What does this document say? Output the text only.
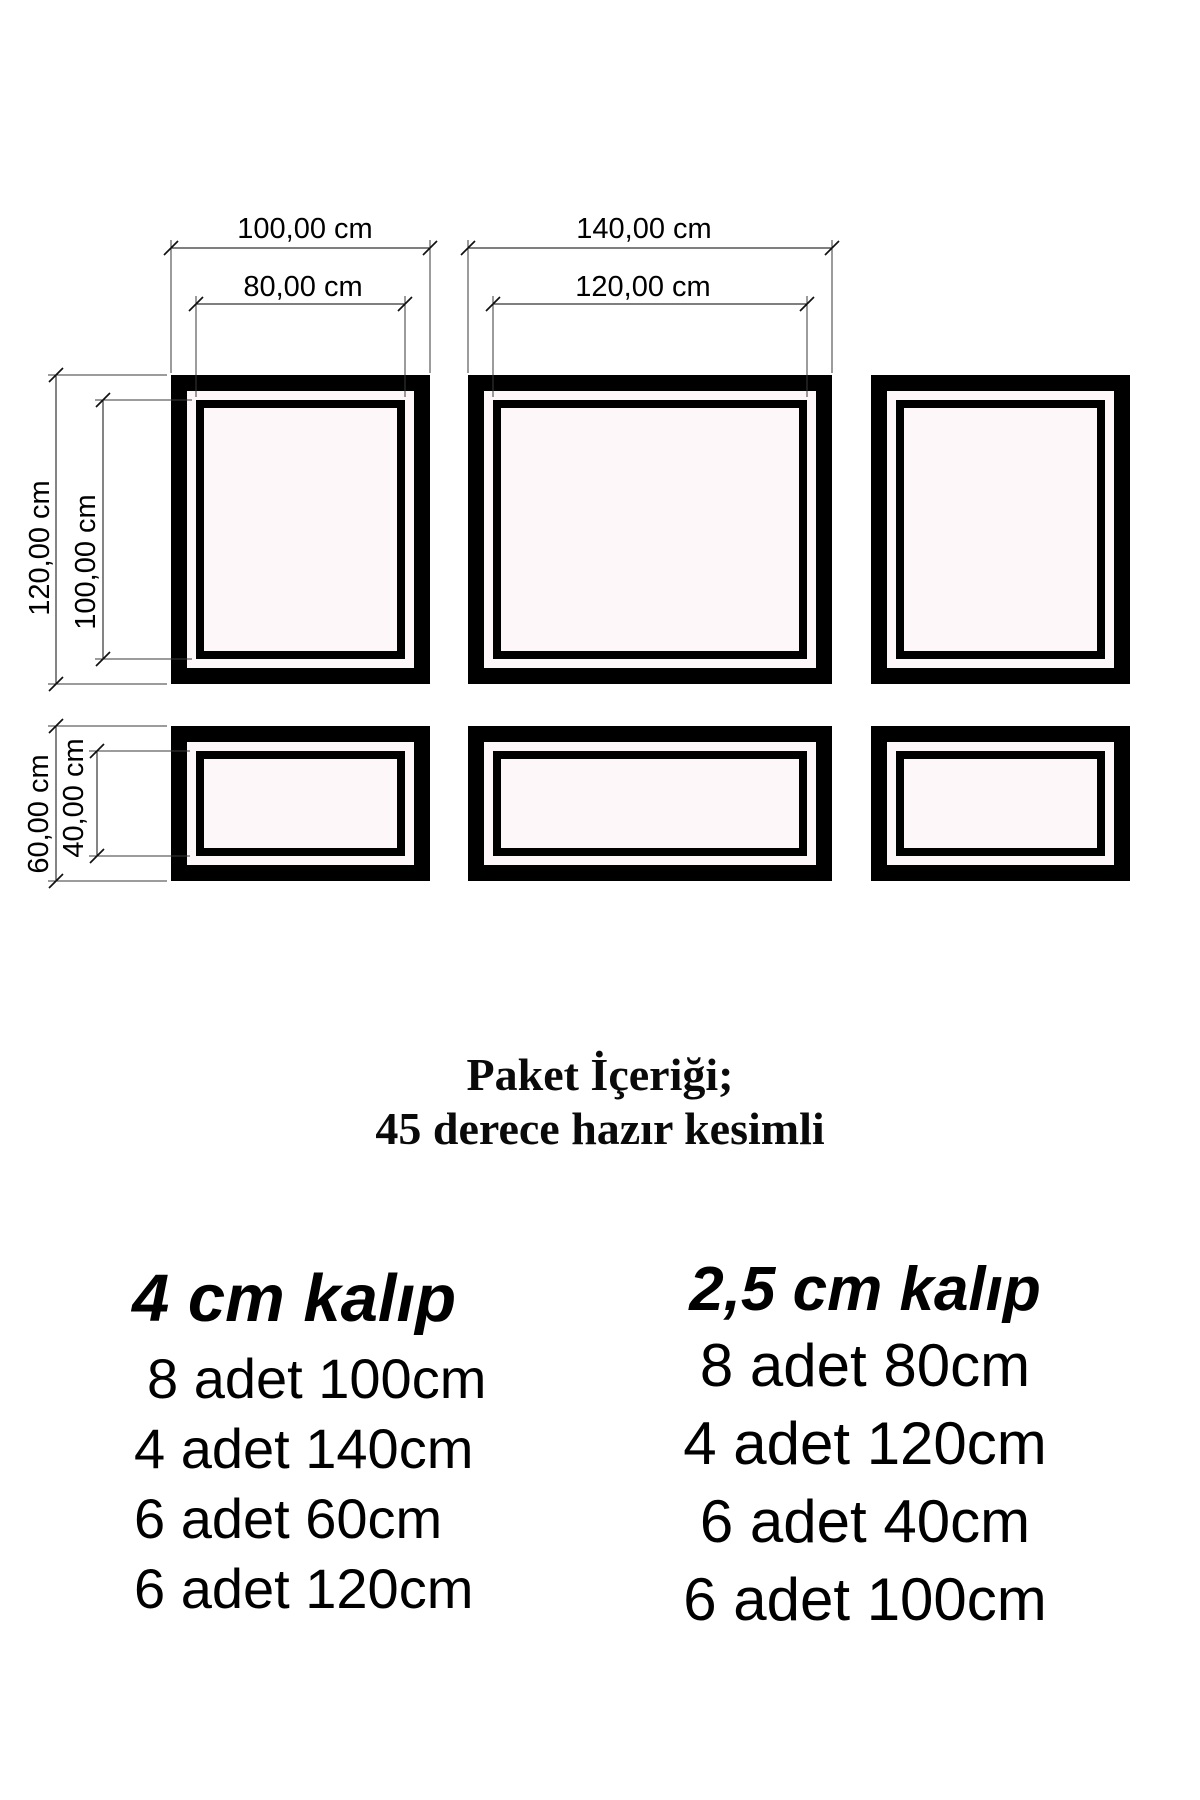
100,00 cm
80,00 cm
140,00 cm
120,00 cm
120,00 cm 100,00 cm
60,00 cm 40,00 cm
Paket İçeriği;
45 derece hazır kesimli
4 cm kalıp
8 adet 100cm
4 adet 140cm
6 adet 60cm
6 adet 120cm
2,5 cm kalıp
8 adet 80cm
4 adet 120cm
6 adet 40cm
6 adet 100cm
